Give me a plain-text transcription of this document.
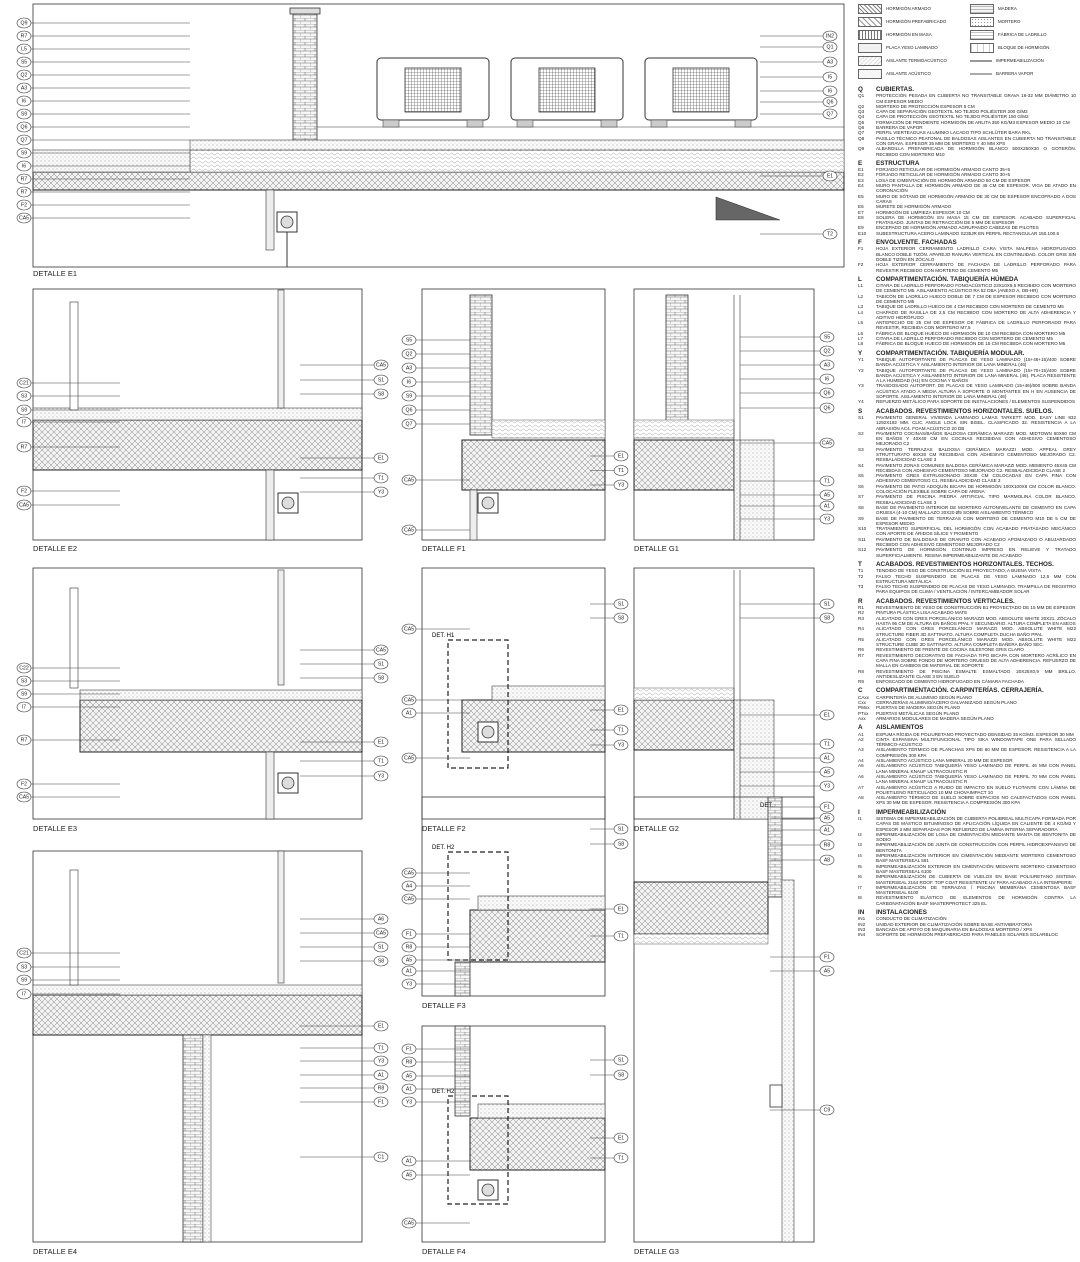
DETALLE E1
DETALLE E2	DETALLE F1	DETALLE G1
DETALLE E3
DET. H1
DETALLE F2	DETALLE G2
DETALLE E4
DET. H2
DETALLE F3
DET. H2
DETALLE F4
DET.
DETALLE G3
Q9
R7
L5
S5
Q2
A3
I6
S9
Q6
Q7
S9
I6
R7
R7
F2
CA5
IN2
Q1
A3
I5
I6
Q6
Q7
E1
T2
C21
S3
S9
I7
R7
F2
CA5
CA5
S1
S8
E1
T1
Y3
S5
Q2
A3
I6
S9
Q6
Q7
CA5
CA5
E1
T1
Y3
S5
Q2
A3
I6
Q6
Q6
CA5
T1
A5
A1
Y3
C22
S3
S9
I7
R7
F2
CA5
CA5
S1
S8
E1
T1
Y3
CA5
CA5
A1
CA5
S1
S8
E1
T1
Y3
S1
S8
E1
T1
A1
A5
Y3
C21
S3
S9
I7
A6
CA5
S1
S8
E1
T1
Y3
A1
R8
F1
C1
CA5
A4
CA5
F1
R8
A5
A1
Y3
S1
S8
E1
T1
F1
A5
A1
R8
A8
F1
A5
C9
F1
R8
A5
A1
Y3
A1
A5
CA5
S1
S8
E1
T1
HORMIGÓN ARMADO	MADERA
HORMIGÓN PREFABRICADO	MORTERO
HORMIGÓN EN MASA	FÁBRICA DE LADRILLO
PLACA YESO LAMINADO	BLOQUE DE HORMIGÓN
AISLANTE TERMOACÚSTICO	IMPERMEABILIZACIÓN
AISLANTE ACÚSTICO	BARRERA VAPOR
Q	CUBIERTAS.
Q1	PROTECCIÓN PESADA EN CUBIERTA NO TRANSITABLE GRAVA 16-32 MM DIÁMETRO 10 CM ESPESOR MEDIO
Q2	MORTERO DE PROTECCIÓN ESPESOR 5 CM
Q3	CAPA DE SEPARACIÓN GEOTEXTIL NO TEJIDO POLIÉSTER 200 G/M2
Q4	CAPA DE PROTECCIÓN GEOTEXTIL NO TEJIDO POLIÉSTER 150 G/M2
Q5	FORMACIÓN DE PENDIENTE HORMIGÓN DE ARLITA 350 KG/M3 ESPESOR MEDIO 10 CM
Q6	BARRERA DE VAPOR
Q7	PERFIL VIERTEAGUAS ALUMINIO LACADO TIPO SCHLÜTER BARA RKL
Q8	PASILLO TÉCNICO PEATONAL DE BALDOSAS AISLANTES EN CUBIERTA NO TRANSITABLE CON GRAVA. ESPESOR 35 MM DE MORTERO Y 40 MM XPS
Q9	ALBARDILLA PREFABRICADA DE HORMIGÓN BLANCO 500X250X30 O GOTERÓN. RECIBIDO CON MORTERO M10
E	ESTRUCTURA
E1	FORJADO RETICULAR DE HORMIGÓN ARMADO CANTO 35+5
E2	FORJADO RETICULAR DE HORMIGÓN ARMADO CANTO 30+5
E3	LOSA DE CIMENTACIÓN DE HORMIGÓN ARMADO 50 CM DE ESPESOR
E4	MURO PANTALLA DE HORMIGÓN ARMADO DE 45 CM DE ESPESOR. VIGA DE ATADO EN CORONACIÓN
E5	MURO DE SÓTANO DE HORMIGÓN ARMADO DE 30 CM DE ESPESOR ENCOFRADO A DOS CARAS
E6	MURETE DE HORMIGÓN ARMADO
E7	HORMIGÓN DE LIMPIEZA ESPESOR 10 CM
E8	SOLERA DE HORMIGÓN EN MASA 15 CM DE ESPESOR. ACABADO SUPERFICIAL FRATASADO. JUNTAS DE RETRACCIÓN DE 5 MM DE ESPESOR
E9	ENCEPADO DE HORMIGÓN ARMADO AGRUPANDO CABEZAS DE PILOTES
E10	SUBESTRUCTURA ACERO LAMINADO S235JR EN PERFIL RECTANGULAR 150.100.6
F	ENVOLVENTE. FACHADAS
F1	HOJA EXTERIOR CERRAMIENTO LADRILLO CARA VISTA MALPESA HIDROFUGADO BLANCO DOBLE TIZÓN. APAREJO RANURA VERTICAL EN CONTINUIDAD. COLOR GRIS SIN DOBLE TIZÓN EN ZÓCALO
F2	HOJA EXTERIOR CERRAMIENTO DE FACHADA DE LADRILLO PERFORADO PARA REVESTIR RECIBIDO CON MORTERO DE CEMENTO M5
L	COMPARTIMENTACIÓN. TABIQUERÍA HÚMEDA
L1	CITARA DE LADRILLO PERFORADO FONOACÚSTICO 23X10X9,5 RECIBIDO CON MORTERO DE CEMENTO M5. AISLAMIENTO ACÚSTICO RA 52 DBA (ANEXO A, DB-HR)
L2	TABICÓN DE LADRILLO HUECO DOBLE DE 7 CM DE ESPESOR RECIBIDO CON MORTERO DE CEMENTO M5
L3	TABIQUE DE LADRILLO HUECO DE 4 CM RECIBIDO CON MORTERO DE CEMENTO M5
L4	CHAPADO DE RASILLA DE 2,5 CM RECIBIDO CON MORTERO DE ALTA ADHERENCIA Y ADITIVO HIDRÓFUGO
L5	ANTEPECHO DE 25 CM DE ESPESOR DE FÁBRICA DE LADRILLO PERFORADO PARA REVESTIR, RECIBIDA CON MORTERO M7,5
L6	FÁBRICA DE BLOQUE HUECO DE HORMIGÓN DE 10 CM RECIBIDA CON MORTERO M5
L7	CITARA DE LADRILLO PERFORADO RECIBIDO CON MORTERO DE CEMENTO M5
L8	FÁBRICA DE BLOQUE HUECO DE HORMIGÓN DE 15 CM RECIBIDA CON MORTERO M5
Y	COMPARTIMENTACIÓN. TABIQUERÍA MODULAR.
Y1	TABIQUE AUTOPORTANTE DE PLACAS DE YESO LAMINADO (15+46+15)/400 SOBRE BANDA ACÚSTICA Y AISLAMIENTO INTERIOR DE LANA MINERAL (46)
Y2	TABIQUE AUTOPORTANTE DE PLACAS DE YESO LAMINADO (15+70+15)/400 SOBRE BANDA ACÚSTICA Y AISLAMIENTO INTERIOR DE LANA MINERAL (46). PLACA RESISTENTE A LA HUMEDAD (H1) EN COCINA Y BAÑOS
Y3	TRASDOSADO AUTOPORT. DE PLACAS DE YESO LAMINADO (15+46)/600 SOBRE BANDA ACÚSTICA ATADO A MEDIA ALTURA A SOPORTE O MONTANTES EN H EN AUSENCIA DE SOPORTE. AISLAMIENTO INTERIOR DE LANA MINERAL (46)
Y4	REFUERZO METÁLICO PARA SOPORTE DE INSTALACIONES / ELEMENTOS SUSPENDIDOS
S	ACABADOS. REVESTIMIENTOS HORIZONTALES. SUELOS.
S1	PAVIMENTO GENERAL VIVIENDA LAMINADO LAMAS TARKETT MOD. EASY LINE 832 1292X192 MM. CLIC ANGLE LOCK SIN BISEL. CLASIFICADO 32. RESISTENCIA A LA ABRASIÓN AC4. FOAM ACÚSTICO 20 DB
S2	PAVIMENTO COCINAS/BAÑOS BALDOSA CERÁMICA MARAZZI MOD. MIDTOWN 60X60 CM EN BAÑOS Y 40X40 CM EN COCINAS RECIBIDAS CON ADHESIVO CEMENTOSO MEJORADO C2
S3	PAVIMENTO TERRAZAS BALDOSA CERÁMICA MARAZZI MOD. APPEAL GREY STRUTTURATO 60X30 CM RECIBIDAS CON ADHESIVO CEMENTOSO MEJORADO C2. RESBALADICIDAD CLASE 3
S4	PAVIMENTO ZONAS COMUNES BALDOSA CERÁMICA MARAZZI MOD. MEMENTO 45X45 CM RECIBIDAS CON ADHESIVO CEMENTOSO MEJORADO C2. RESBALADICIDAD CLASE 2
S5	PAVIMENTO GRES EXTRUSIONADO 30X30 CM COLOCADAS EN CAPA FINA CON ADHESIVO CEMENTOSO C1. RESBALADICIDAD CLASE 3
S6	PAVIMENTO DE PATIO ADOQUÍN BICAPA DE HORMIGÓN 100X100X8 CM COLOR BLANCO. COLOCACIÓN FLEXIBLE SOBRE CAPA DE ARENA
S7	PAVIMENTO DE PISCINA PIEDRA ARTIFICIAL TIPO MARMOLINA COLOR BLANCO. RESBALADICIDAD CLASE 3
S8	BASE DE PAVIMENTO INTERIOR DE MORTERO AUTONIVELANTE DE CEMENTO EN CAPA GRUESA (4-10 CM) MALLAZO 20X20 Ø5 SOBRE AISLAMIENTO TÉRMICO
S9	BASE DE PAVIMENTO DE TERRAZAS CON MORTERO DE CEMENTO M10 DE 5 CM DE ESPESOR MEDIO
S10	TRATAMIENTO SUPERFICIAL DEL HORMIGÓN CON ACABADO FRATASADO MECÁNICO CON APORTE DE ÁRIDOS SÍLICE Y PIGMENTO
S11	PAVIMENTO DE BALDOSAS DE GRANITO CON ACABADO APOMAZADO O ABUJARDADO RECIBIDO CON ADHESIVO CEMENTOSO MEJORADO C2
S12	PAVIMENTO DE HORMIGÓN CONTINUO IMPRESO EN RELIEVE Y TRATADO SUPERFICIALMENTE. RESINA IMPERMEABILIZANTE DE ACABADO
T	ACABADOS. REVESTIMIENTOS HORIZONTALES. TECHOS.
T1	TENDIDO DE YESO DE CONSTRUCCIÓN B1 PROYECTADO, A BUENA VISTA
T2	FALSO TECHO SUSPENDIDO DE PLACAS DE YESO LAMINADO 12,5 MM CON ESTRUCTURA METÁLICA
T3	FALSO TECHO SUSPENDIDO DE PLACAS DE YESO LAMINADO. TRAMPILLA DE REGISTRO PARA EQUIPOS DE CLIMA / VENTILACIÓN / INTERCAMBIADOR SOLAR
R	ACABADOS. REVESTIMIENTOS VERTICALES.
R1	REVESTIMIENTO DE YESO DE CONSTRUCCIÓN B1 PROYECTADO DE 15 MM DE ESPESOR
R2	PINTURA PLÁSTICA LISA ACABADO MATE
R3	ALICATADO CON GRES PORCELÁNICO MARAZZI MOD. ABSOLUTE WHITE 20X21. ZÓCALO HASTA 95 CM DE ALTURA EN BAÑOS PPAL Y SECUNDARIO. ALTURA COMPLETA EN ASEOS
R4	ALICATADO CON GRES PORCELÁNICO MARAZZI MOD. ABSOLUTE WHITE M22 STRUCTURE FIBER 3D SATTINATO. ALTURA COMPLETA DUCHA BAÑO PPAL
R5	ALICATADO CON GRES PORCELÁNICO MARAZZI MOD. ABSOLUTE WHITE M22 STRUCTURE CUBE 3D SATTINATO. ALTURA COMPLETA BAÑERA BAÑO SEC.
R6	REVESTIMIENTO DE FRENTE DE COCINA SILESTONE GRIS CLARO
R7	REVESTIMIENTO DECORATIVO DE FACHADA TIPO BICAPA CON MORTERO ACRÍLICO EN CAPA FINA SOBRE FONDO DE MORTERO GRUESO DE ALTA ADHERENCIA. REFUERZO DE MALLA EN CAMBIOS DE MATERIAL DE SOPORTE
R8	REVESTIMIENTO DE PISCINA ESMALTE ESMALTADO 20X25X0,9 MM BRILLO. ANTIDESLIZANTE CLASE 3 EN SUELO
R9	ENFOSCADO DE CEMENTO HIDROFUGADO EN CÁMARA FACHADA
C	COMPARTIMENTACIÓN. CARPINTERÍAS. CERRAJERÍA.
CAxx	CARPINTERÍA DE ALUMINIO SEGÚN PLANO
Cxx	CERRAJERÍAS ALUMINIO/ACERO GALVANIZADO SEGÚN PLANO
PMxx	PUERTAS DE MADERA SEGÚN PLANO
PTxx	PUERTAS METÁLICAS SEGÚN PLANO
Axx	ARMARIOS MODULARES DE MADERA SEGÚN PLANO
A	AISLAMIENTOS
A1	ESPUMA RÍGIDA DE POLIURETANO PROYECTADO DENSIDAD 35 KG/M3. ESPESOR 30 MM
A2	CINTA EXPANSIVA MULTIFUNCIONAL TIPO SIKA WINDOWTAPE ONE PARA SELLADO TÉRMICO-ACÚSTICO
A3	AISLAMIENTO TÉRMICO DE PLANCHAS XPS DE 60 MM DE ESPESOR. RESISTENCIA A LA COMPRESIÓN 300 KPA
A4	AISLAMIENTO ACÚSTICO LANA MINERAL 20 MM DE ESPESOR
A5	AISLAMIENTO ACÚSTICO TABIQUERÍA YESO LAMINADO DE PERFIL 46 MM CON PANEL LANA MINERAL KNAUF ULTRACOUSTIC R
A6	AISLAMIENTO ACÚSTICO TABIQUERÍA YESO LAMINADO DE PERFIL 70 MM CON PANEL LANA MINERAL KNAUF ULTRACOUSTIC R
A7	AISLAMIENTO ACÚSTICO A RUIDO DE IMPACTO EN SUELO FLOTANTE CON LÁMINA DE POLIETILENO RETICULADO 10 MM CHOVAIMPACT 10
A8	AISLAMIENTO TÉRMICO DE SUELO SOBRE ESPACIOS NO CALEFACTADOS CON PANEL XPS 30 MM DE ESPESOR. RESISTENCIA A COMPRESIÓN 300 KPA
I	IMPERMEABILIZACIÓN
I1	SISTEMA DE IMPERMEABILIZACIÓN DE CUBIERTA POLIBREAL MULTICAPA FORMADA POR CAPAS DE MÁSTICO BITUMINOSO DE APLICACIÓN LÍQUIDA EN CALIENTE DE 4 KG/M2 Y ESPESOR 3 MM SEPARADAS POR REFUERZO DE LÁMINA INTERNA SEPARADORA
I2	IMPERMEABILIZACIÓN DE LOSA DE CIMENTACIÓN MEDIANTE MANTA DE BENTONITA DE SODIO
I3	IMPERMEABILIZACIÓN DE JUNTA DE CONSTRUCCIÓN CON PERFIL HIDROEXPANSIVO DE BENTONITA
I4	IMPERMEABILIZACIÓN INTERIOR EN CIMENTACIÓN MEDIANTE MORTERO CEMENTOSO BASF MASTERSEAL 581
I5	IMPERMEABILIZACIÓN EXTERIOR EN CIMENTACIÓN MEDIANTE MORTERO CEMENTOSO BASF MASTERSEAL 6100
I6	IMPERMEABILIZACIÓN DE CUBIERTA DE VUELOS EN BASE POLIURETANO SISTEMA MASTERSEAL 2164 ROOF. TOP COAT RESISTENTE UV PARA ACABADO A LA INTEMPERIE
I7	IMPERMEABILIZACIÓN DE TERRAZAS / PISCINA MEMBRANA CEMENTOSA BASF MASTERSEAL 6100
I8	REVESTIMIENTO ELÁSTICO DE ELEMENTOS DE HORMIGÓN CONTRA LA CARBONATACIÓN BASF MASTERPROTECT 325 EL
IN	INSTALACIONES
IN1	CONDUCTO DE CLIMATIZACIÓN
IN2	UNIDAD EXTERIOR DE CLIMATIZACIÓN SOBRE BASE ANTIVIBRATORIA
IN3	BANCADA DE APOYO DE MAQUINARIA EN BALDOSAS MORTERO / XPS
IN4	SOPORTE DE HORMIGÓN PREFABRICADO PARA PANELES SOLARES SOLARBLOC
